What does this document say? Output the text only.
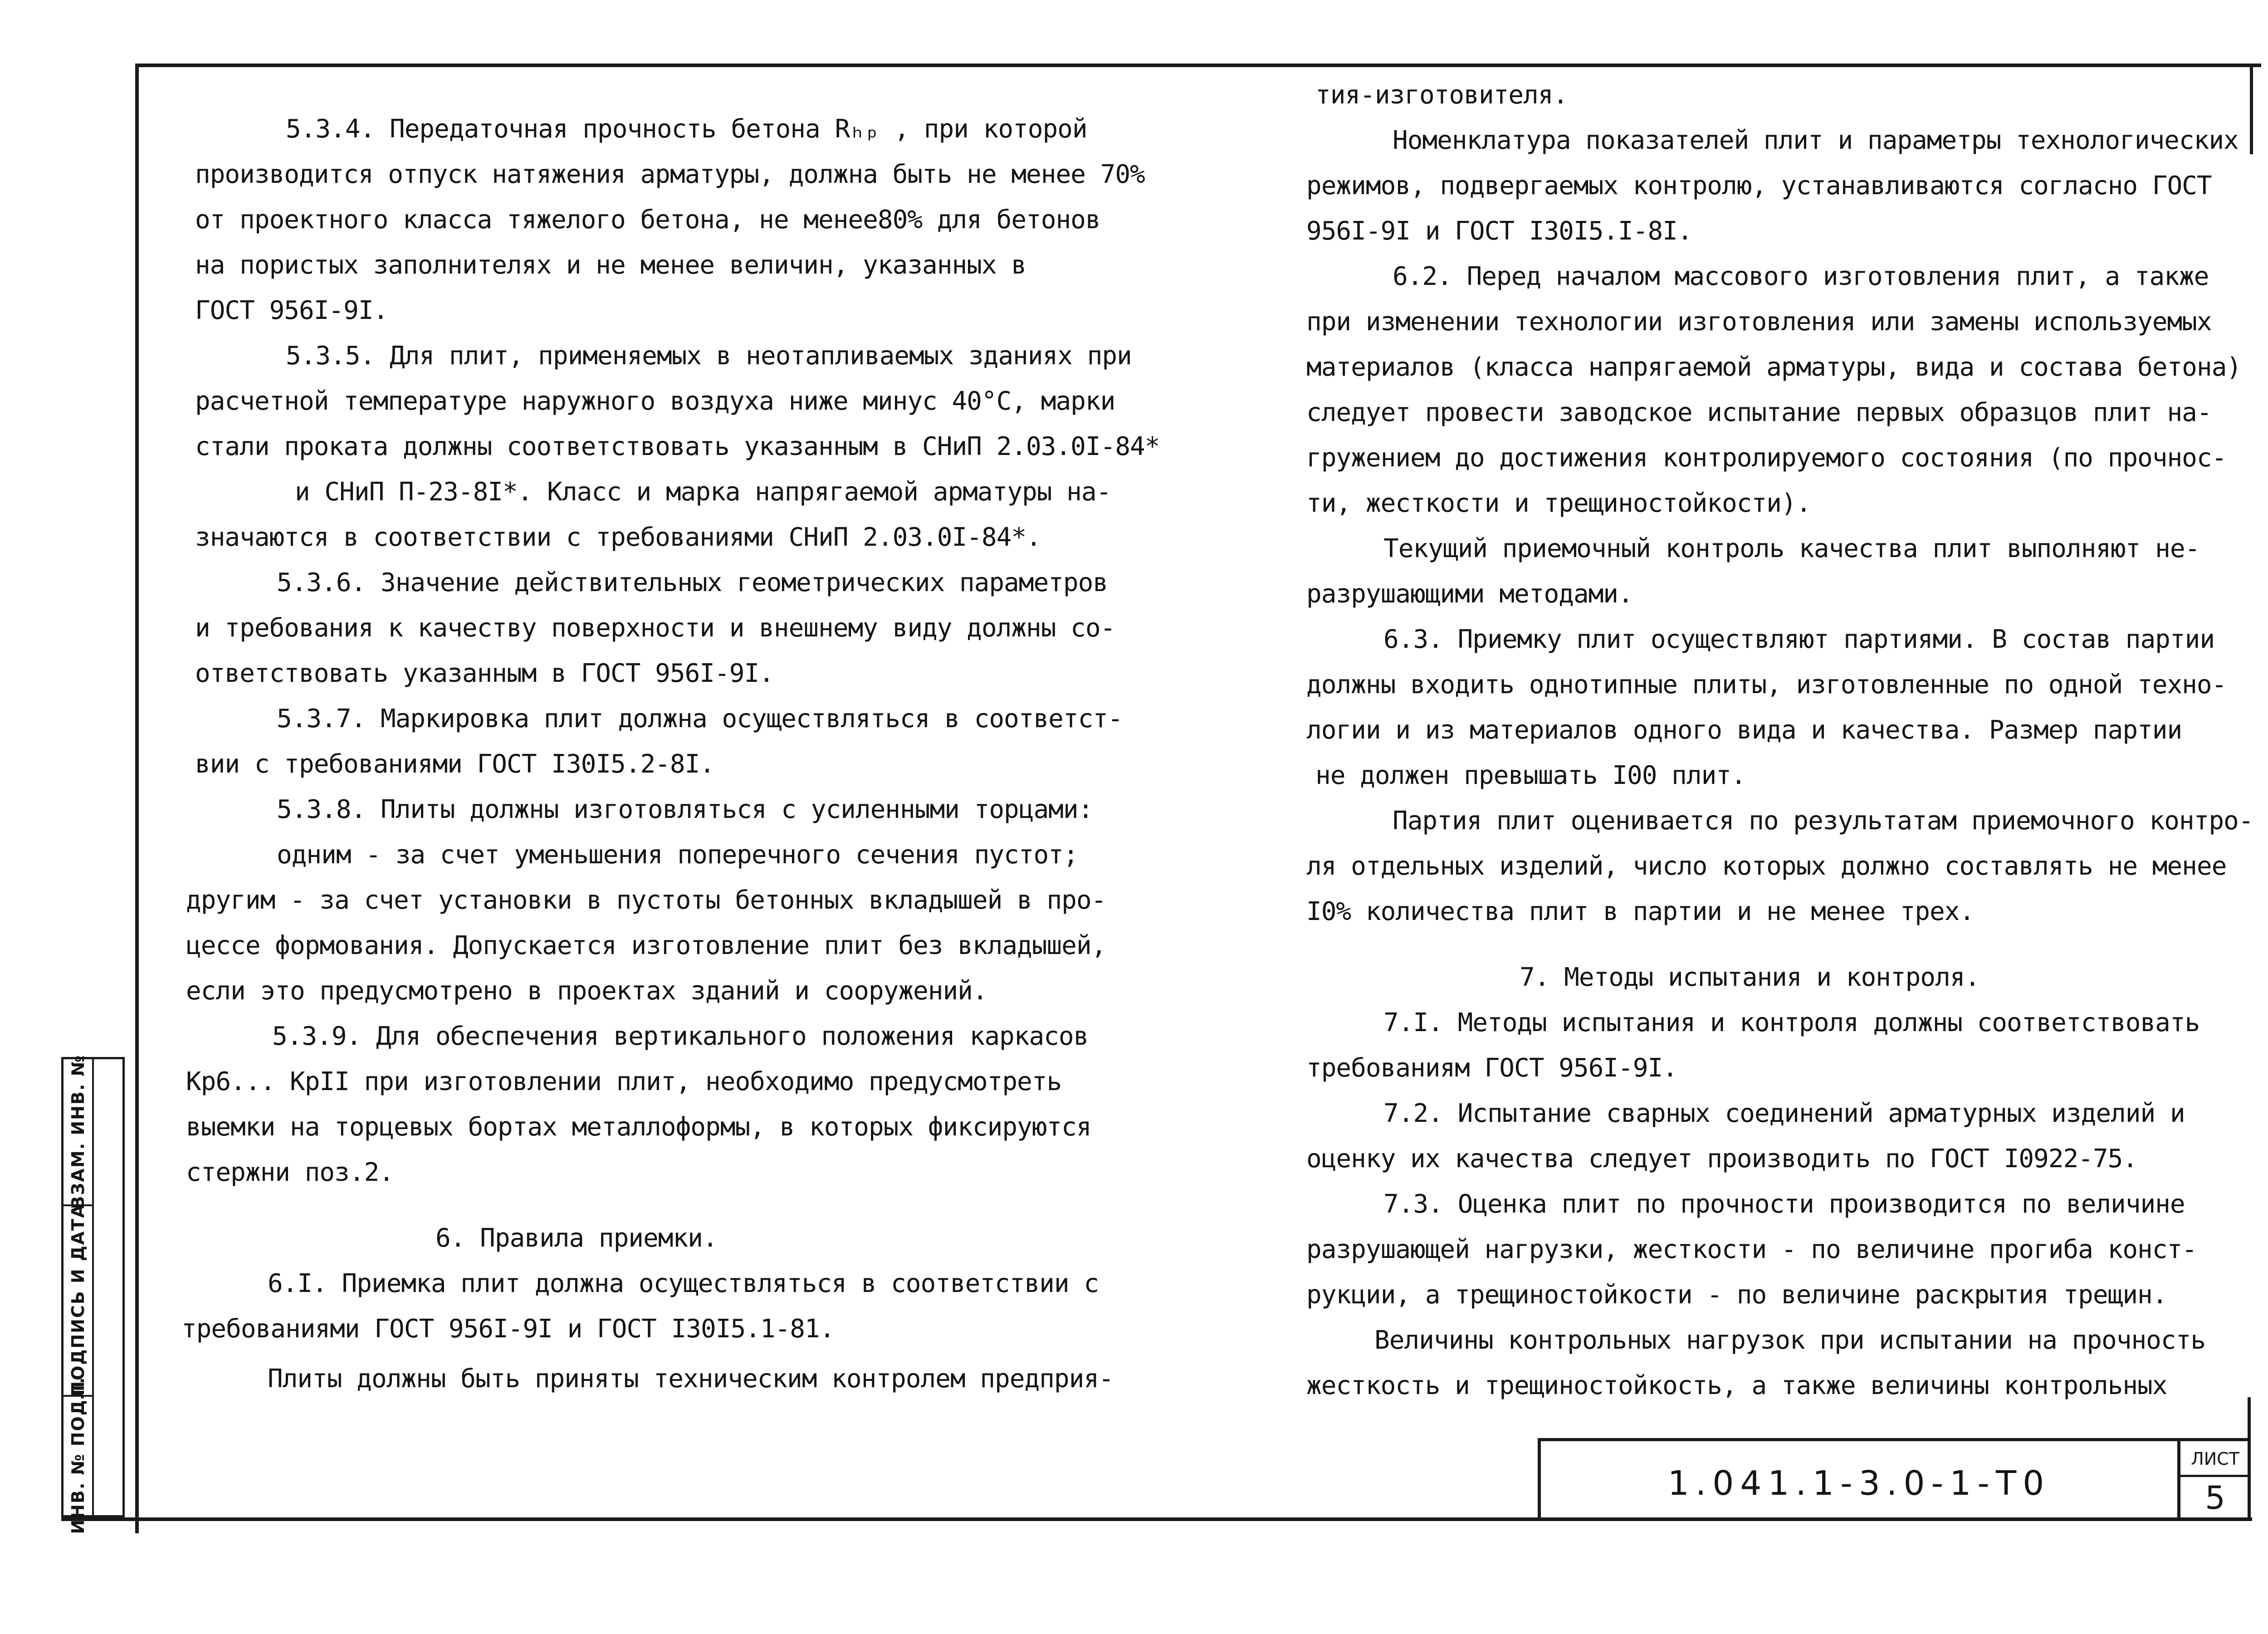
ВЗАМ. ИНВ. №
ПОДПИСЬ И ДАТА
ИНВ. № ПОДЛ.
5.3.4. Передаточная прочность бетона Rₕₚ , при которой
производится отпуск натяжения арматуры, должна быть не менее 70%
от проектного класса тяжелого бетона, не менее80% для бетонов
на пористых заполнителях и не менее величин, указанных в
ГОСТ 956I-9I.
5.3.5. Для плит, применяемых в неотапливаемых зданиях при
расчетной температуре наружного воздуха ниже минус 40°С, марки
стали проката должны соответствовать указанным в СНиП 2.03.0I-84*
и СНиП П-23-8I*. Класс и марка напрягаемой арматуры на-
значаются в соответствии с требованиями СНиП 2.03.0I-84*.
5.3.6. Значение действительных геометрических параметров
и требования к качеству поверхности и внешнему виду должны со-
ответствовать указанным в ГОСТ 956I-9I.
5.3.7. Маркировка плит должна осуществляться в соответст-
вии с требованиями ГОСТ I30I5.2-8I.
5.3.8. Плиты должны изготовляться с усиленными торцами:
одним - за счет уменьшения поперечного сечения пустот;
другим - за счет установки в пустоты бетонных вкладышей в про-
цессе формования. Допускается изготовление плит без вкладышей,
если это предусмотрено в проектах зданий и сооружений.
5.3.9. Для обеспечения вертикального положения каркасов
Кр6... КрII при изготовлении плит, необходимо предусмотреть
выемки на торцевых бортах металлоформы, в которых фиксируются
стержни поз.2.
6. Правила приемки.
6.I. Приемка плит должна осуществляться в соответствии с
требованиями ГОСТ 956I-9I и ГОСТ I30I5.1-81.
Плиты должны быть приняты техническим контролем предприя-
тия-изготовителя.
Номенклатура показателей плит и параметры технологических
режимов, подвергаемых контролю, устанавливаются согласно ГОСТ
956I-9I и ГОСТ I30I5.I-8I.
6.2. Перед началом массового изготовления плит, а также
при изменении технологии изготовления или замены используемых
материалов (класса напрягаемой арматуры, вида и состава бетона)
следует провести заводское испытание первых образцов плит на-
гружением до достижения контролируемого состояния (по прочнос-
ти, жесткости и трещиностойкости).
Текущий приемочный контроль качества плит выполняют не-
разрушающими методами.
6.3. Приемку плит осуществляют партиями. В состав партии
должны входить однотипные плиты, изготовленные по одной техно-
логии и из материалов одного вида и качества. Размер партии
не должен превышать I00 плит.
Партия плит оценивается по результатам приемочного контро-
ля отдельных изделий, число которых должно составлять не менее
I0% количества плит в партии и не менее трех.
7. Методы испытания и контроля.
7.I. Методы испытания и контроля должны соответствовать
требованиям ГОСТ 956I-9I.
7.2. Испытание сварных соединений арматурных изделий и
оценку их качества следует производить по ГОСТ I0922-75.
7.3. Оценка плит по прочности производится по величине
разрушающей нагрузки, жесткости - по величине прогиба конст-
рукции, а трещиностойкости - по величине раскрытия трещин.
Величины контрольных нагрузок при испытании на прочность
жесткость и трещиностойкость, а также величины контрольных
1.041.1-3.0-1-Т0
ЛИСТ
5
